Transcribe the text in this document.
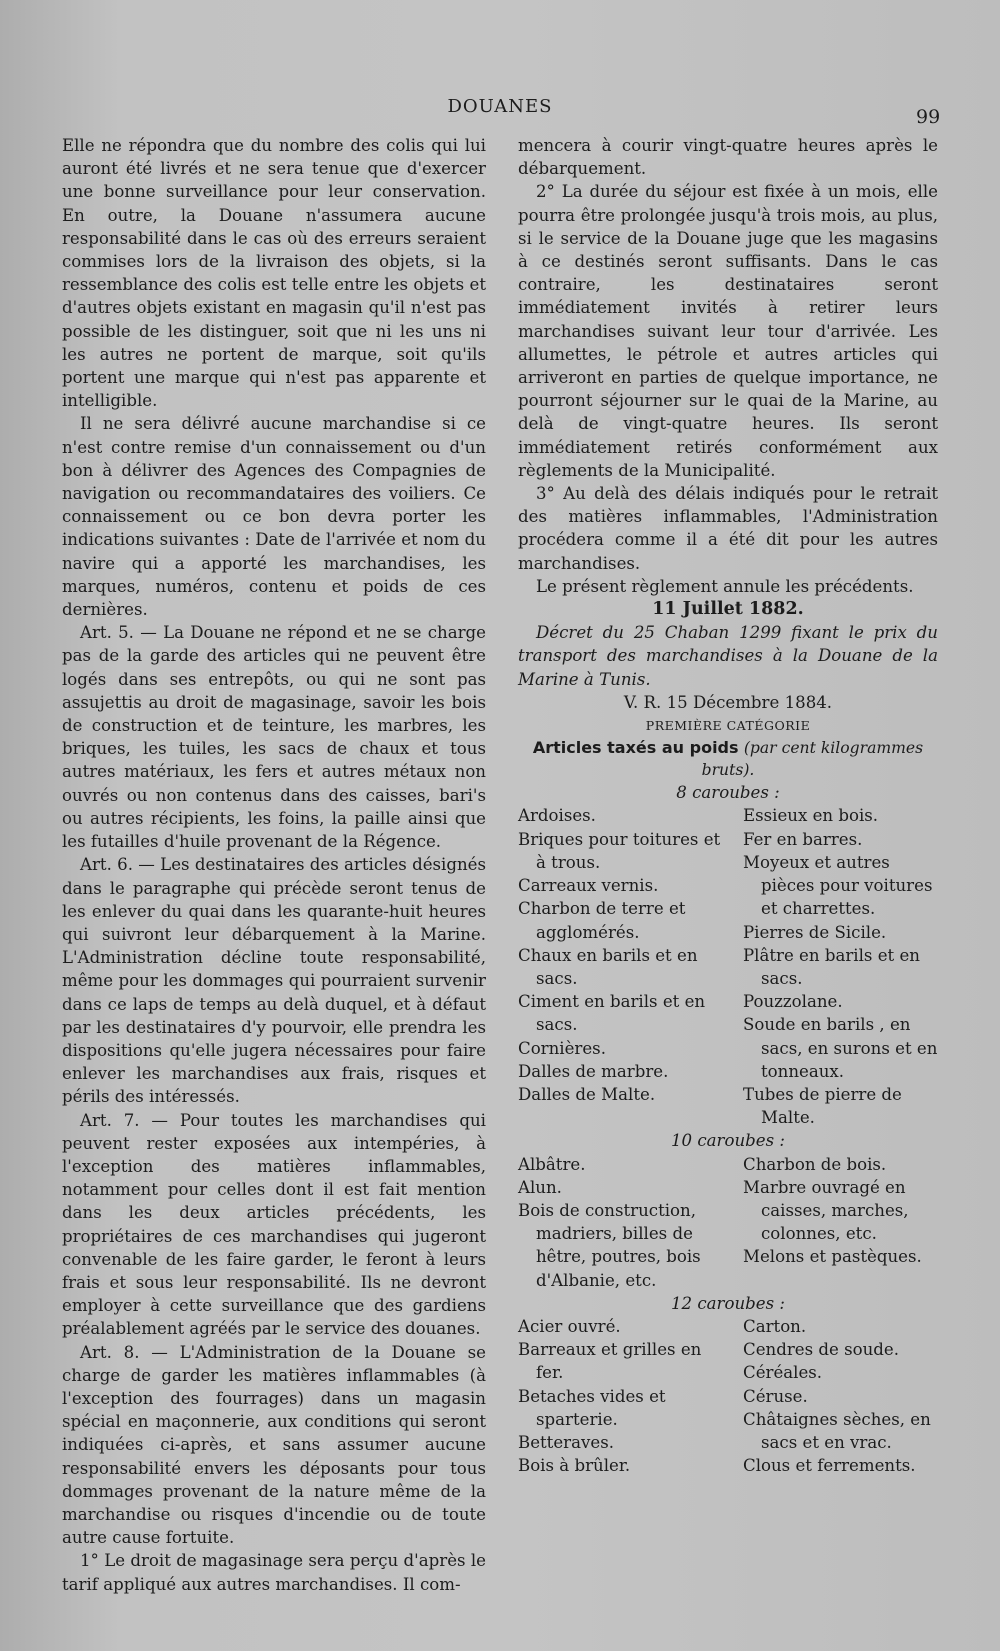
DOUANES	99

Elle ne répondra que du nombre des colis qui lui auront été livrés et ne sera tenue que d'exercer une bonne surveillance pour leur conservation. En outre, la Douane n'assumera aucune responsabilité dans le cas où des erreurs seraient commises lors de la livraison des objets, si la ressemblance des colis est telle entre les objets et d'autres objets existant en magasin qu'il n'est pas possible de les distinguer, soit que ni les uns ni les autres ne portent de marque, soit qu'ils portent une marque qui n'est pas apparente et intelligible.

Il ne sera délivré aucune marchandise si ce n'est contre remise d'un connaissement ou d'un bon à délivrer des Agences des Compagnies de navigation ou recommandataires des voiliers. Ce connaissement ou ce bon devra porter les indications suivantes : Date de l'arrivée et nom du navire qui a apporté les marchandises, les marques, numéros, contenu et poids de ces dernières.

Art. 5. — La Douane ne répond et ne se charge pas de la garde des articles qui ne peuvent être logés dans ses entrepôts, ou qui ne sont pas assujettis au droit de magasinage, savoir les bois de construction et de teinture, les marbres, les briques, les tuiles, les sacs de chaux et tous autres matériaux, les fers et autres métaux non ouvrés ou non contenus dans des caisses, bari's ou autres récipients, les foins, la paille ainsi que les futailles d'huile provenant de la Régence.

Art. 6. — Les destinataires des articles désignés dans le paragraphe qui précède seront tenus de les enlever du quai dans les quarante-huit heures qui suivront leur débarquement à la Marine. L'Administration décline toute responsabilité, même pour les dommages qui pourraient survenir dans ce laps de temps au delà duquel, et à défaut par les destinataires d'y pourvoir, elle prendra les dispositions qu'elle jugera nécessaires pour faire enlever les marchandises aux frais, risques et périls des intéressés.

Art. 7. — Pour toutes les marchandises qui peuvent rester exposées aux intempéries, à l'exception des matières inflammables, notamment pour celles dont il est fait mention dans les deux articles précédents, les propriétaires de ces marchandises qui jugeront convenable de les faire garder, le feront à leurs frais et sous leur responsabilité. Ils ne devront employer à cette surveillance que des gardiens préalablement agréés par le service des douanes.

Art. 8. — L'Administration de la Douane se charge de garder les matières inflammables (à l'exception des fourrages) dans un magasin spécial en maçonnerie, aux conditions qui seront indiquées ci-après, et sans assumer aucune responsabilité envers les déposants pour tous dommages provenant de la nature même de la marchandise ou risques d'incendie ou de toute autre cause fortuite.

1° Le droit de magasinage sera perçu d'après le tarif appliqué aux autres marchandises. Il com-

mencera à courir vingt-quatre heures après le débarquement.

2° La durée du séjour est fixée à un mois, elle pourra être prolongée jusqu'à trois mois, au plus, si le service de la Douane juge que les magasins à ce destinés seront suffisants. Dans le cas contraire, les destinataires seront immédiatement invités à retirer leurs marchandises suivant leur tour d'arrivée. Les allumettes, le pétrole et autres articles qui arriveront en parties de quelque importance, ne pourront séjourner sur le quai de la Marine, au delà de vingt-quatre heures. Ils seront immédiatement retirés conformément aux règlements de la Municipalité.

3° Au delà des délais indiqués pour le retrait des matières inflammables, l'Administration procédera comme il a été dit pour les autres marchandises.

Le présent règlement annule les précédents.

11 Juillet 1882.

Décret du 25 Chaban 1299 fixant le prix du transport des marchandises à la Douane de la Marine à Tunis.

V. R. 15 Décembre 1884.

PREMIÈRE CATÉGORIE

Articles taxés au poids (par cent kilogrammes bruts).

8 caroubes :

Ardoises.
Briques pour toitures et à trous.
Carreaux vernis.
Charbon de terre et agglomérés.
Chaux en barils et en sacs.
Ciment en barils et en sacs.
Cornières.
Dalles de marbre.
Dalles de Malte.
Essieux en bois.
Fer en barres.
Moyeux et autres pièces pour voitures et charrettes.
Pierres de Sicile.
Plâtre en barils et en sacs.
Pouzzolane.
Soude en barils , en sacs, en surons et en tonneaux.
Tubes de pierre de Malte.

10 caroubes :

Albâtre.
Alun.
Bois de construction, madriers, billes de hêtre, poutres, bois d'Albanie, etc.
Charbon de bois.
Marbre ouvragé en caisses, marches, colonnes, etc.
Melons et pastèques.

12 caroubes :

Acier ouvré.
Barreaux et grilles en fer.
Betaches vides et sparterie.
Betteraves.
Bois à brûler.
Carton.
Cendres de soude.
Céréales.
Céruse.
Châtaignes sèches, en sacs et en vrac.
Clous et ferrements.
